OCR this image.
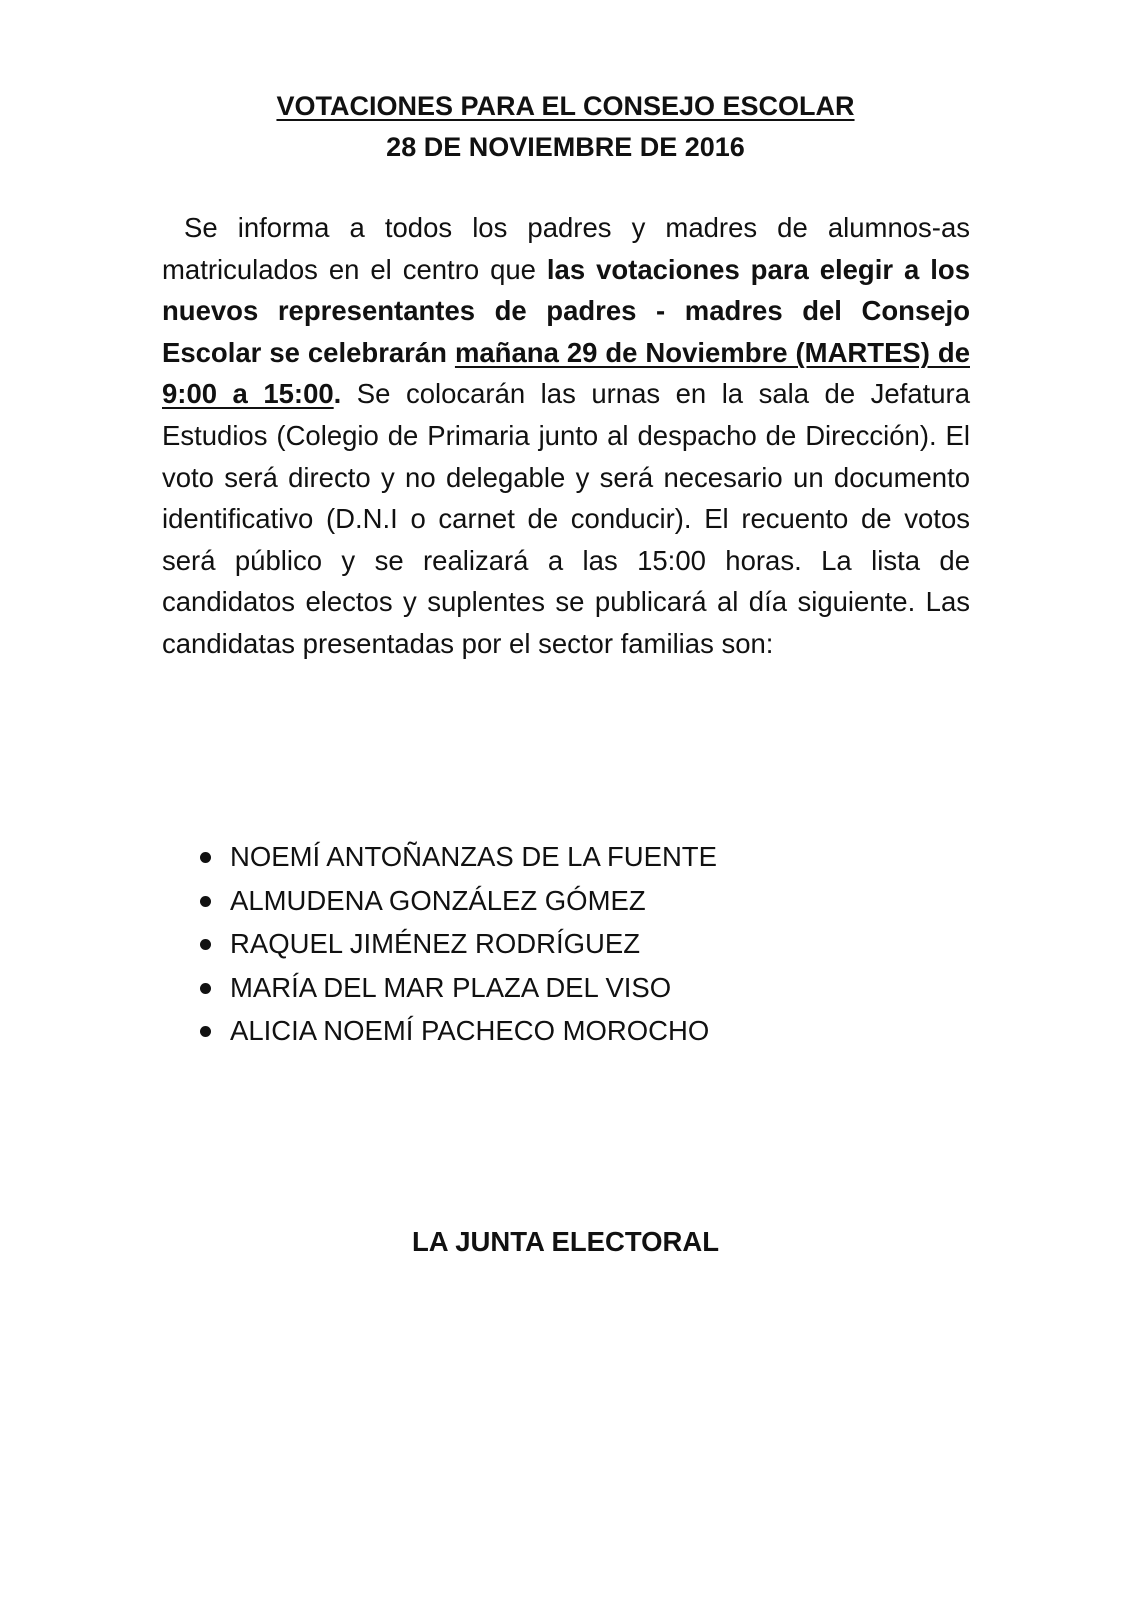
VOTACIONES PARA EL CONSEJO ESCOLAR
28 DE NOVIEMBRE DE 2016

Se informa a todos los padres y madres de alumnos-as matriculados en el centro que las votaciones para elegir a los nuevos representantes de padres - madres del Consejo Escolar se celebrarán mañana 29 de Noviembre (MARTES) de 9:00 a 15:00. Se colocarán las urnas en la sala de Jefatura Estudios (Colegio de Primaria junto al despacho de Dirección). El voto será directo y no delegable y será necesario un documento identificativo (D.N.I o carnet de conducir). El recuento de votos será público y se realizará a las 15:00 horas. La lista de candidatos electos y suplentes se publicará al día siguiente. Las candidatas presentadas por el sector familias son:

NOEMÍ ANTOÑANZAS DE LA FUENTE
ALMUDENA GONZÁLEZ GÓMEZ
RAQUEL JIMÉNEZ RODRÍGUEZ
MARÍA DEL MAR PLAZA DEL VISO
ALICIA NOEMÍ PACHECO MOROCHO
LA JUNTA ELECTORAL
